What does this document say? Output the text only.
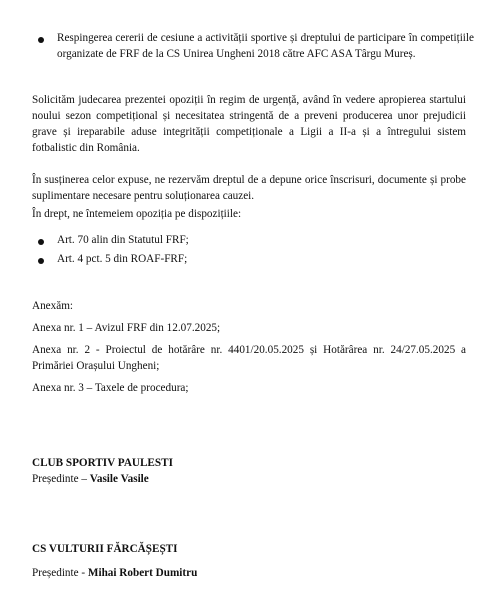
Respingerea cererii de cesiune a activității sportive și dreptului de participare în competițiile organizate de FRF de la CS Unirea Ungheni 2018 către AFC ASA Târgu Mureș.

Solicităm judecarea prezentei opoziții în regim de urgență, având în vedere apropierea startului noului sezon competițional și necesitatea stringentă de a preveni producerea unor prejudicii grave și ireparabile aduse integrității competiționale a Ligii a II-a și a întregului sistem fotbalistic din România.

În susținerea celor expuse, ne rezervăm dreptul de a depune orice înscrisuri, documente și probe suplimentare necesare pentru soluționarea cauzei.

În drept, ne întemeiem opoziția pe dispozițiile:

Art. 70 alin din Statutul FRF;

Art. 4 pct. 5 din ROAF-FRF;

Anexăm:

Anexa nr. 1 – Avizul FRF din 12.07.2025;

Anexa nr. 2 - Proiectul de hotărâre nr. 4401/20.05.2025 și Hotărârea nr. 24/27.05.2025 a Primăriei Orașului Ungheni;

Anexa nr. 3 – Taxele de procedura;

CLUB SPORTIV PAULESTI

Președinte – Vasile Vasile

CS VULTURII FĂRCĂȘEȘTI

Președinte - Mihai Robert Dumitru
